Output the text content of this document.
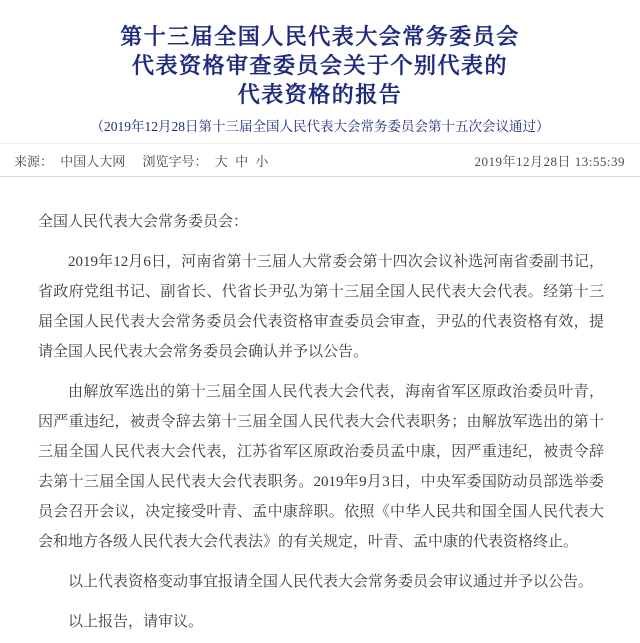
第十三届全国人民代表大会常务委员会
代表资格审查委员会关于个别代表的
代表资格的报告
（2019年12月28日第十三届全国人民代表大会常务委员会第十五次会议通过）
来源： 中国人大网 浏览字号： 大 中 小	2019年12月28日 13:55:39

全国人民代表大会常务委员会：

2019年12月6日，河南省第十三届人大常委会第十四次会议补选河南省委副书记，省政府党组书记、副省长、代省长尹弘为第十三届全国人民代表大会代表。经第十三届全国人民代表大会常务委员会代表资格审查委员会审查，尹弘的代表资格有效，提请全国人民代表大会常务委员会确认并予以公告。

由解放军选出的第十三届全国人民代表大会代表，海南省军区原政治委员叶青，因严重违纪，被责令辞去第十三届全国人民代表大会代表职务；由解放军选出的第十三届全国人民代表大会代表，江苏省军区原政治委员孟中康，因严重违纪，被责令辞去第十三届全国人民代表大会代表职务。2019年9月3日，中央军委国防动员部选举委员会召开会议，决定接受叶青、孟中康辞职。依照《中华人民共和国全国人民代表大会和地方各级人民代表大会代表法》的有关规定，叶青、孟中康的代表资格终止。

以上代表资格变动事宜报请全国人民代表大会常务委员会审议通过并予以公告。

以上报告，请审议。
